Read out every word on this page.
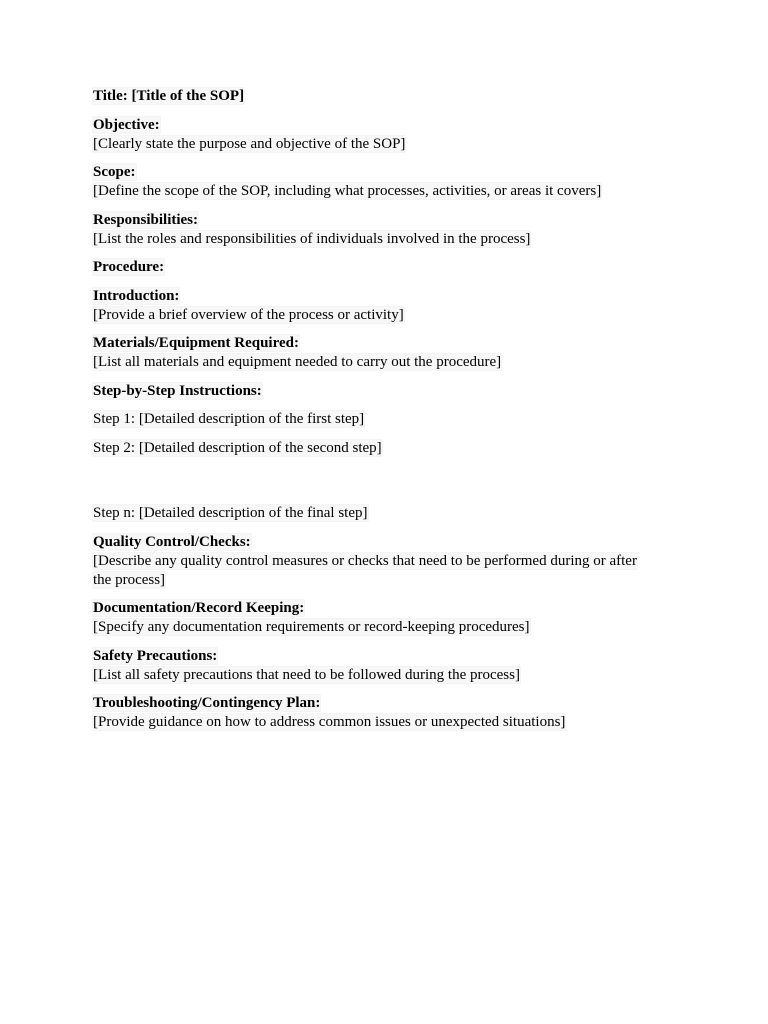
Title: [Title of the SOP]

Objective:
[Clearly state the purpose and objective of the SOP]

Scope:
[Define the scope of the SOP, including what processes, activities, or areas it covers]

Responsibilities:
[List the roles and responsibilities of individuals involved in the process]

Procedure:

Introduction:
[Provide a brief overview of the process or activity]

Materials/Equipment Required:
[List all materials and equipment needed to carry out the procedure]

Step-by-Step Instructions:

Step 1: [Detailed description of the first step]

Step 2: [Detailed description of the second step]

Step n: [Detailed description of the final step]

Quality Control/Checks:
[Describe any quality control measures or checks that need to be performed during or after
the process]

Documentation/Record Keeping:
[Specify any documentation requirements or record-keeping procedures]

Safety Precautions:
[List all safety precautions that need to be followed during the process]

Troubleshooting/Contingency Plan:
[Provide guidance on how to address common issues or unexpected situations]
